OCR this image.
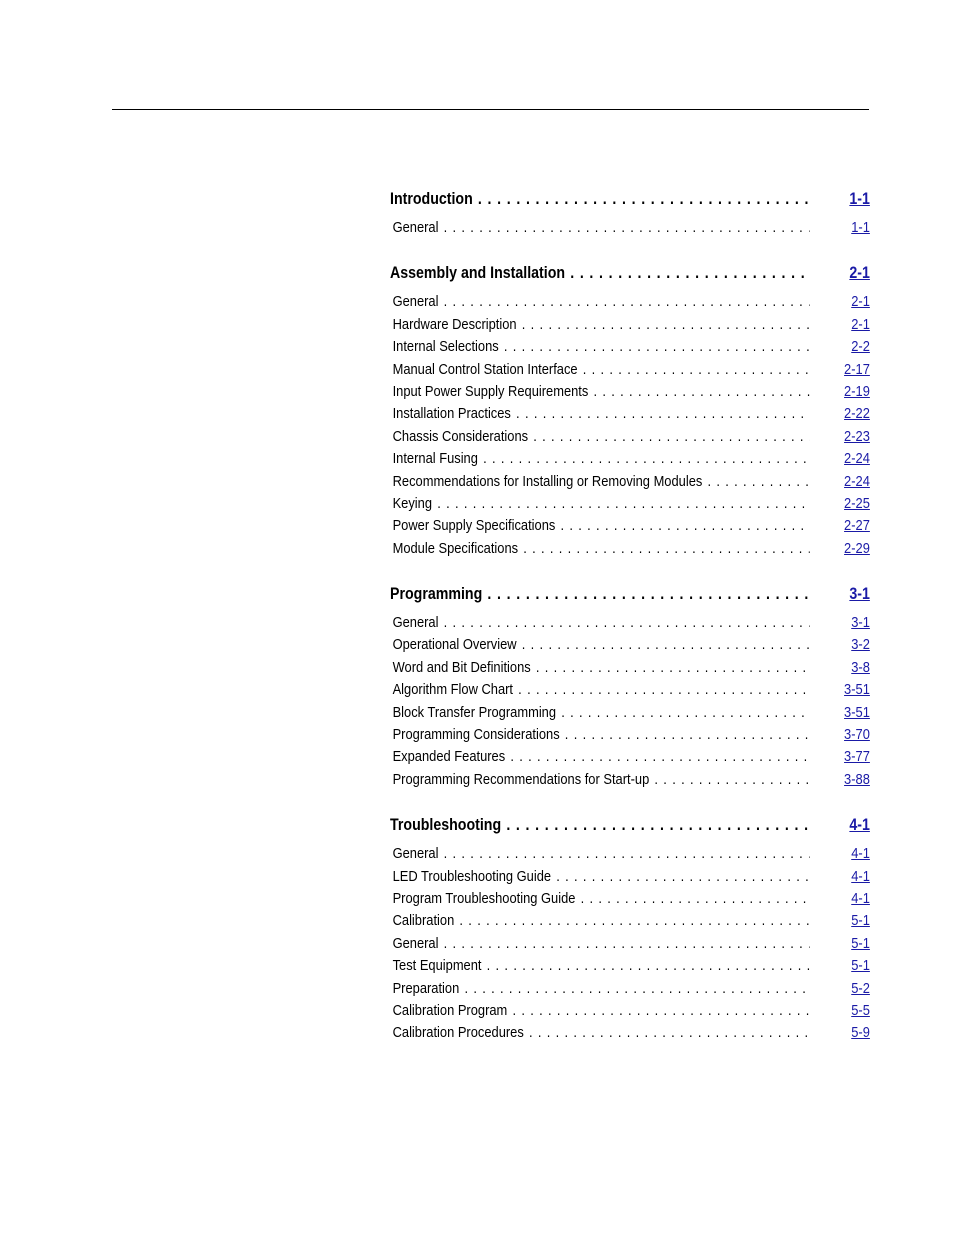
Introduction . . .	1-1
General . . .	1-1
Assembly and Installation . . .	2-1
General . . .	2-1
Hardware Description . . .	2-1
Internal Selections . . .	2-2
Manual Control Station Interface . . .	2-17
Input Power Supply Requirements . . .	2-19
Installation Practices . . .	2-22
Chassis Considerations . . .	2-23
Internal Fusing . . .	2-24
Recommendations for Installing or Removing Modules . . .	2-24
Keying . . .	2-25
Power Supply Specifications . . .	2-27
Module Specifications . . .	2-29
Programming . . .	3-1
General . . .	3-1
Operational Overview . . .	3-2
Word and Bit Definitions . . .	3-8
Algorithm Flow Chart . . .	3-51
Block Transfer Programming . . .	3-51
Programming Considerations . . .	3-70
Expanded Features . . .	3-77
Programming Recommendations for Start-up . . .	3-88
Troubleshooting . . .	4-1
General . . .	4-1
LED Troubleshooting Guide . . .	4-1
Program Troubleshooting Guide . . .	4-1
Calibration . . .	5-1
General . . .	5-1
Test Equipment . . .	5-1
Preparation . . .	5-2
Calibration Program . . .	5-5
Calibration Procedures . . .	5-9
